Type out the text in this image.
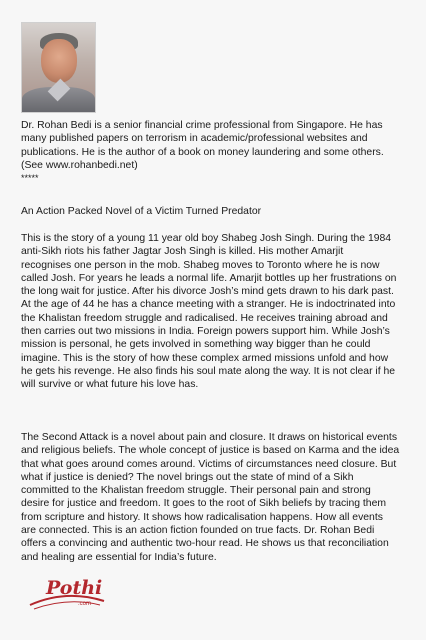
Dr. Rohan Bedi is a senior financial crime professional from Singapore. He has
many published papers on terrorism in academic/professional websites and
publications. He is the author of a book on money laundering and some others.
(See www.rohanbedi.net)
*****
An Action Packed Novel of a Victim Turned Predator
This is the story of a young 11 year old boy Shabeg Josh Singh. During the 1984
anti-Sikh riots his father Jagtar Josh Singh is killed. His mother Amarjit
recognises one person in the mob. Shabeg moves to Toronto where he is now
called Josh. For years he leads a normal life. Amarjit bottles up her frustrations on
the long wait for justice. After his divorce Josh’s mind gets drawn to his dark past.
At the age of 44 he has a chance meeting with a stranger. He is indoctrinated into
the Khalistan freedom struggle and radicalised. He receives training abroad and
then carries out two missions in India. Foreign powers support him. While Josh’s
mission is personal, he gets involved in something way bigger than he could
imagine. This is the story of how these complex armed missions unfold and how
he gets his revenge. He also finds his soul mate along the way. It is not clear if he
will survive or what future his love has.
The Second Attack is a novel about pain and closure. It draws on historical events
and religious beliefs. The whole concept of justice is based on Karma and the idea
that what goes around comes around. Victims of circumstances need closure. But
what if justice is denied? The novel brings out the state of mind of a Sikh
committed to the Khalistan freedom struggle. Their personal pain and strong
desire for justice and freedom. It goes to the root of Sikh beliefs by tracing them
from scripture and history. It shows how radicalisation happens. How all events
are connected. This is an action fiction founded on true facts. Dr. Rohan Bedi
offers a convincing and authentic two-hour read. He shows us that reconciliation
and healing are essential for India’s future.
Pothi
.com
